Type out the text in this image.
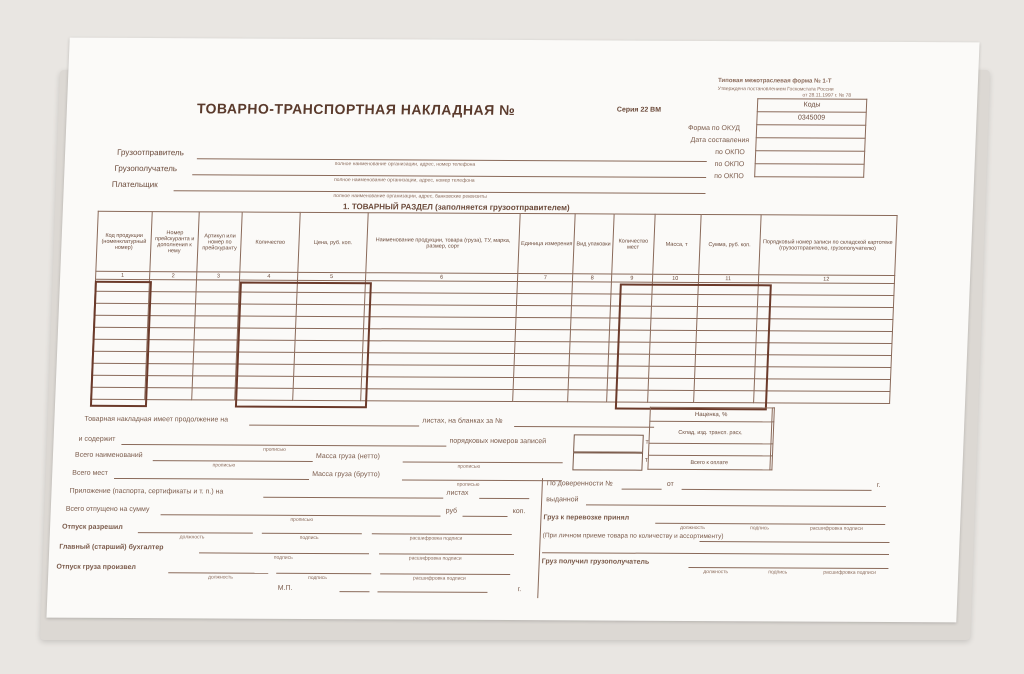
Типовая межотраслевая форма № 1-Т
Утверждена постановлением Госкомстата России
от 28.11.1997 г. № 78
ТОВАРНО-ТРАНСПОРТНАЯ НАКЛАДНАЯ №	Серия 22 ВМ
Коды
0345009

Форма по ОКУД
Дата составления
по ОКПО
по ОКПО
по ОКПО
Грузоотправитель
полное наименование организации, адрес, номер телефона
Грузополучатель
полное наименование организации, адрес, номер телефона
Плательщик
полное наименование организации, адрес, банковские реквизиты
1. ТОВАРНЫЙ РАЗДЕЛ (заполняется грузоотправителем)
Код продукции (номенклатурный номер)	Номер прейскуранта и дополнения к нему	Артикул или номер по прейскуранту	Количество	Цена, руб. коп.	Наименование продукции, товара (груза), ТУ, марка, размер, сорт	Единица измерения	Вид упаковки	Количество мест	Масса, т	Сумма, руб. коп.	Порядковый номер записи по складской картотеке (грузоотправителю, грузополучателю)
1	2	3	4	5	6	7	8	9	10	11	12

Товарная накладная имеет продолжение на	листах, на бланках за №
и содержит	порядковых номеров записей
прописью
Всего наименований	Масса груза (нетто)
прописью	прописью
Всего мест	Масса груза (брутто)
прописью
т
т
Приложение (паспорта, сертификаты и т. п.) на	листах
Всего отпущено на сумму	руб	коп.
прописью
Отпуск разрешил
должность	подпись	расшифровка подписи
Главный (старший) бухгалтер
подпись	расшифровка подписи
Отпуск груза произвел
должность	подпись	расшифровка подписи
М.П.	г.
Наценка, %	
Склад, изд. трансп. расх.	

Всего к оплате	
По доверенности №	от	г.
выданной
Груз к перевозке принял
должность	подпись	расшифровка подписи
(При личном приеме товара по количеству и ассортименту)
Груз получил грузополучатель
должность	подпись	расшифровка подписи
